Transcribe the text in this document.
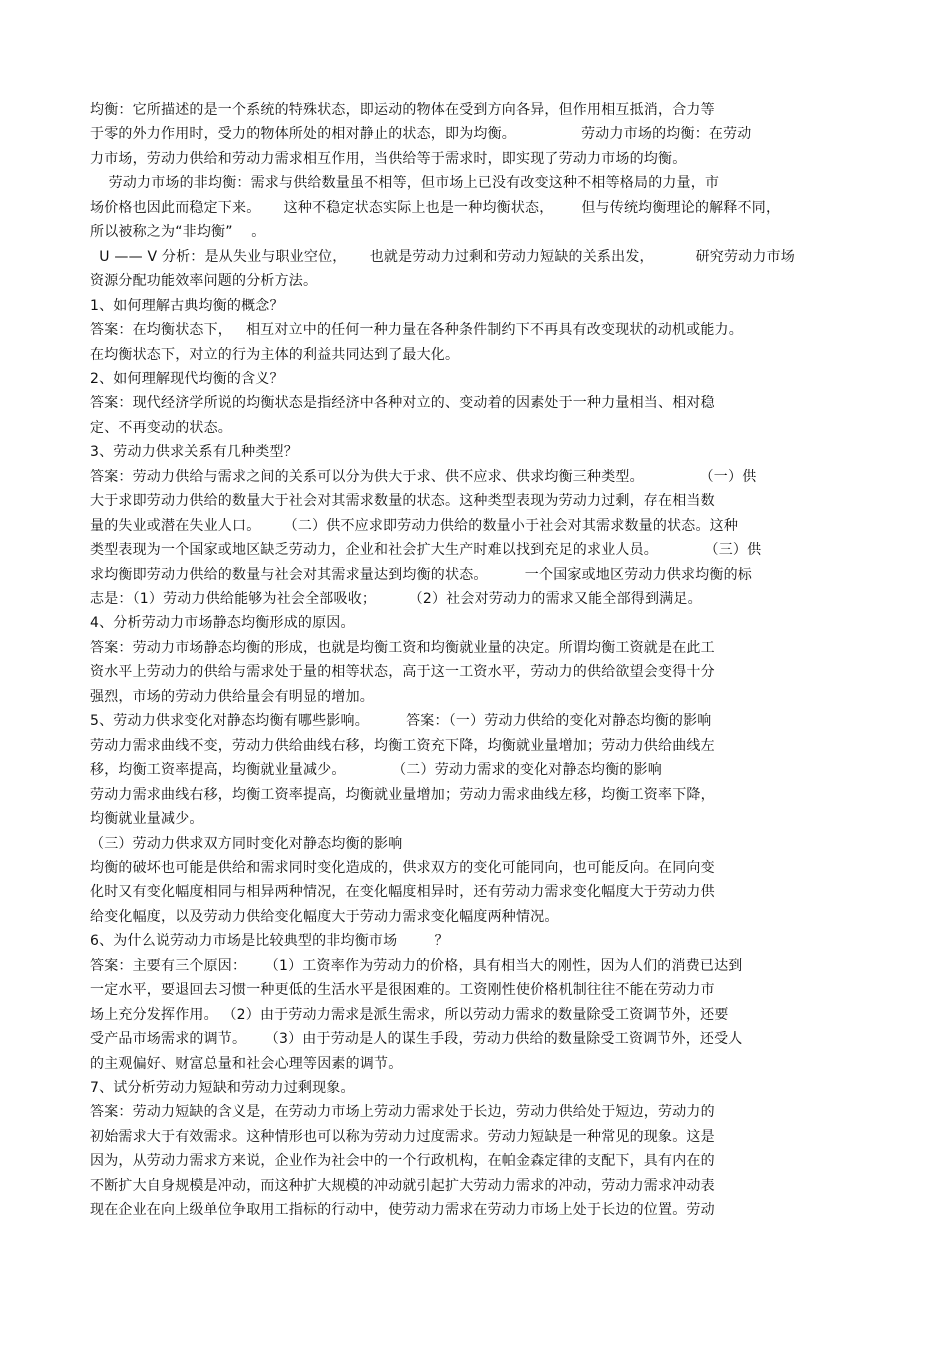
均衡：它所描述的是一个系统的特殊状态，即运动的物体在受到方向各异，但作用相互抵消，合力等
于零的外力作用时，受力的物体所处的相对静止的状态，即为均衡。              劳动力市场的均衡：在劳动
力市场，劳动力供给和劳动力需求相互作用，当供给等于需求时，即实现了劳动力市场的均衡。
劳动力市场的非均衡：需求与供给数量虽不相等，但市场上已没有改变这种不相等格局的力量，市
场价格也因此而稳定下来。     这种不稳定状态实际上也是一种均衡状态，      但与传统均衡理论的解释不同，
所以被称之为“非均衡”    。
U —— V 分析：是从失业与职业空位，     也就是劳动力过剩和劳动力短缺的关系出发，         研究劳动力市场
资源分配功能效率问题的分析方法。
1、如何理解古典均衡的概念？
答案：在均衡状态下，   相互对立中的任何一种力量在各种条件制约下不再具有改变现状的动机或能力。
在均衡状态下，对立的行为主体的利益共同达到了最大化。
2、如何理解现代均衡的含义？
答案：现代经济学所说的均衡状态是指经济中各种对立的、变动着的因素处于一种力量相当、相对稳
定、不再变动的状态。
3、劳动力供求关系有几种类型？
答案：劳动力供给与需求之间的关系可以分为供大于求、供不应求、供求均衡三种类型。            （一）供
大于求即劳动力供给的数量大于社会对其需求数量的状态。这种类型表现为劳动力过剩，存在相当数
量的失业或潜在失业人口。     （二）供不应求即劳动力供给的数量小于社会对其需求数量的状态。这种
类型表现为一个国家或地区缺乏劳动力，企业和社会扩大生产时难以找到充足的求业人员。          （三）供
求均衡即劳动力供给的数量与社会对其需求量达到均衡的状态。        一个国家或地区劳动力供求均衡的标
志是：（1）劳动力供给能够为社会全部吸收；       （2）社会对劳动力的需求又能全部得到满足。
4、分析劳动力市场静态均衡形成的原因。
答案：劳动力市场静态均衡的形成，也就是均衡工资和均衡就业量的决定。所谓均衡工资就是在此工
资水平上劳动力的供给与需求处于量的相等状态，高于这一工资水平，劳动力的供给欲望会变得十分
强烈，市场的劳动力供给量会有明显的增加。
5、劳动力供求变化对静态均衡有哪些影响。        答案：（一）劳动力供给的变化对静态均衡的影响
劳动力需求曲线不变，劳动力供给曲线右移，均衡工资充下降，均衡就业量增加；劳动力供给曲线左
移，均衡工资率提高，均衡就业量减少。          （二）劳动力需求的变化对静态均衡的影响
劳动力需求曲线右移，均衡工资率提高，均衡就业量增加；劳动力需求曲线左移，均衡工资率下降，
均衡就业量减少。
（三）劳动力供求双方同时变化对静态均衡的影响
均衡的破坏也可能是供给和需求同时变化造成的，供求双方的变化可能同向，也可能反向。在同向变
化时又有变化幅度相同与相异两种情况，在变化幅度相异时，还有劳动力需求变化幅度大于劳动力供
给变化幅度，以及劳动力供给变化幅度大于劳动力需求变化幅度两种情况。
6、为什么说劳动力市场是比较典型的非均衡市场        ？
答案：主要有三个原因：    （1）工资率作为劳动力的价格，具有相当大的刚性，因为人们的消费已达到
一定水平，要退回去习惯一种更低的生活水平是很困难的。工资刚性使价格机制往往不能在劳动力市
场上充分发挥作用。 （2）由于劳动力需求是派生需求，所以劳动力需求的数量除受工资调节外，还要
受产品市场需求的调节。    （3）由于劳动是人的谋生手段，劳动力供给的数量除受工资调节外，还受人
的主观偏好、财富总量和社会心理等因素的调节。
7、试分析劳动力短缺和劳动力过剩现象。
答案：劳动力短缺的含义是，在劳动力市场上劳动力需求处于长边，劳动力供给处于短边，劳动力的
初始需求大于有效需求。这种情形也可以称为劳动力过度需求。劳动力短缺是一种常见的现象。这是
因为，从劳动力需求方来说，企业作为社会中的一个行政机构，在帕金森定律的支配下，具有内在的
不断扩大自身规模是冲动，而这种扩大规模的冲动就引起扩大劳动力需求的冲动，劳动力需求冲动表
现在企业在向上级单位争取用工指标的行动中，使劳动力需求在劳动力市场上处于长边的位置。劳动
